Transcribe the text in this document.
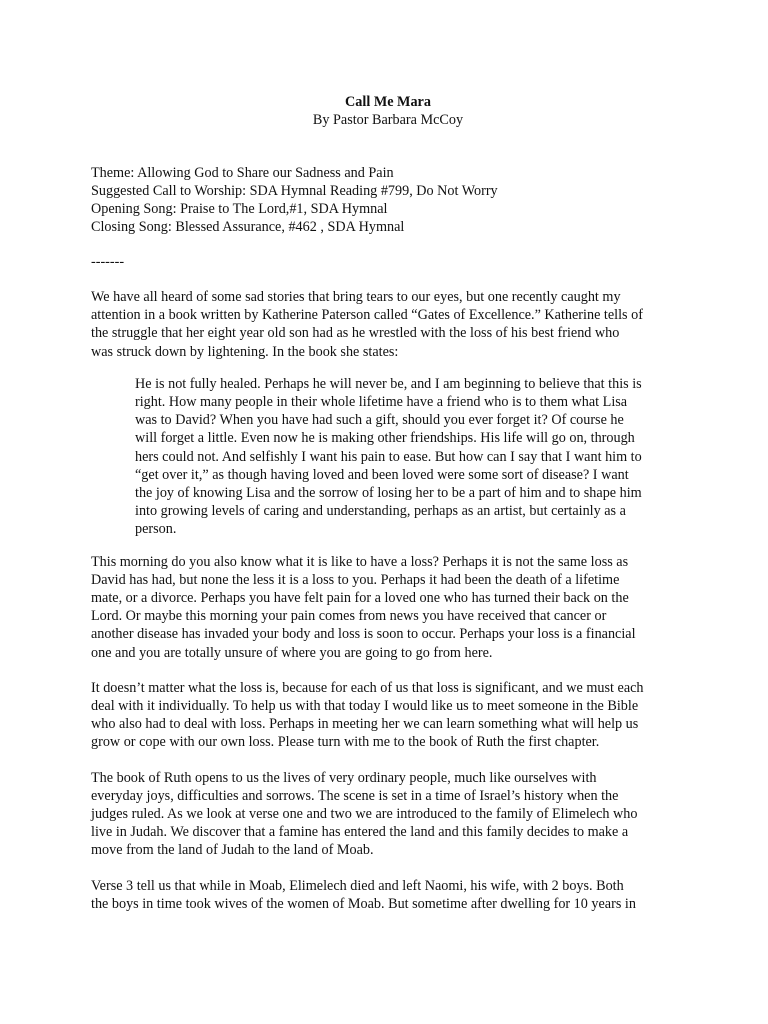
Call Me Mara

By Pastor Barbara McCoy

Theme: Allowing God to Share our Sadness and Pain

Suggested Call to Worship: SDA Hymnal Reading #799, Do Not Worry

Opening Song: Praise to The Lord,#1, SDA Hymnal

Closing Song: Blessed Assurance, #462 , SDA Hymnal

-------

We have all heard of some sad stories that bring tears to our eyes, but one recently caught my

attention in a book written by Katherine Paterson called “Gates of Excellence.” Katherine tells of

the struggle that her eight year old son had as he wrestled with the loss of his best friend who

was struck down by lightening. In the book she states:

He is not fully healed. Perhaps he will never be, and I am beginning to believe that this is

right. How many people in their whole lifetime have a friend who is to them what Lisa

was to David? When you have had such a gift, should you ever forget it? Of course he

will forget a little. Even now he is making other friendships. His life will go on, through

hers could not. And selfishly I want his pain to ease. But how can I say that I want him to

“get over it,” as though having loved and been loved were some sort of disease? I want

the joy of knowing Lisa and the sorrow of losing her to be a part of him and to shape him

into growing levels of caring and understanding, perhaps as an artist, but certainly as a

person.

This morning do you also know what it is like to have a loss? Perhaps it is not the same loss as

David has had, but none the less it is a loss to you. Perhaps it had been the death of a lifetime

mate, or a divorce. Perhaps you have felt pain for a loved one who has turned their back on the

Lord. Or maybe this morning your pain comes from news you have received that cancer or

another disease has invaded your body and loss is soon to occur. Perhaps your loss is a financial

one and you are totally unsure of where you are going to go from here.

It doesn’t matter what the loss is, because for each of us that loss is significant, and we must each

deal with it individually. To help us with that today I would like us to meet someone in the Bible

who also had to deal with loss. Perhaps in meeting her we can learn something what will help us

grow or cope with our own loss. Please turn with me to the book of Ruth the first chapter.

The book of Ruth opens to us the lives of very ordinary people, much like ourselves with

everyday joys, difficulties and sorrows. The scene is set in a time of Israel’s history when the

judges ruled. As we look at verse one and two we are introduced to the family of Elimelech who

live in Judah. We discover that a famine has entered the land and this family decides to make a

move from the land of Judah to the land of Moab.

Verse 3 tell us that while in Moab, Elimelech died and left Naomi, his wife, with 2 boys. Both

the boys in time took wives of the women of Moab. But sometime after dwelling for 10 years in
